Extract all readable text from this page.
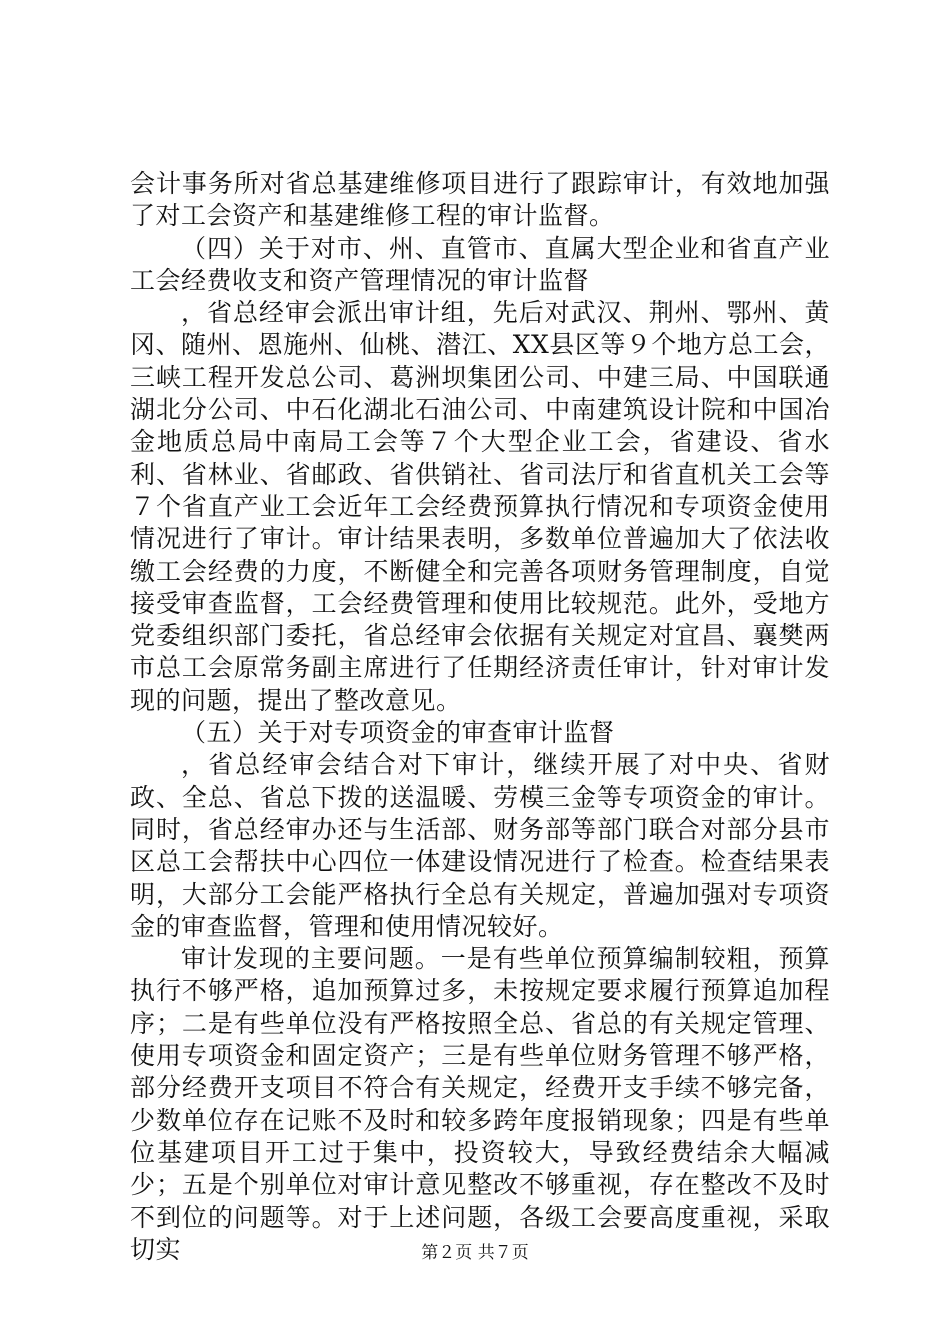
会计事务所对省总基建维修项目进行了跟踪审计，有效地加强了对工会资产和基建维修工程的审计监督。

（四）关于对市、州、直管市、直属大型企业和省直产业工会经费收支和资产管理情况的审计监督

，省总经审会派出审计组，先后对武汉、荆州、鄂州、黄冈、随州、恩施州、仙桃、潜江、XX县区等９个地方总工会，三峡工程开发总公司、葛洲坝集团公司、中建三局、中国联通湖北分公司、中石化湖北石油公司、中南建筑设计院和中国冶金地质总局中南局工会等７个大型企业工会，省建设、省水利、省林业、省邮政、省供销社、省司法厅和省直机关工会等７个省直产业工会近年工会经费预算执行情况和专项资金使用情况进行了审计。审计结果表明，多数单位普遍加大了依法收缴工会经费的力度，不断健全和完善各项财务管理制度，自觉接受审查监督，工会经费管理和使用比较规范。此外，受地方党委组织部门委托，省总经审会依据有关规定对宜昌、襄樊两市总工会原常务副主席进行了任期经济责任审计，针对审计发现的问题，提出了整改意见。

（五）关于对专项资金的审查审计监督

，省总经审会结合对下审计，继续开展了对中央、省财政、全总、省总下拨的送温暖、劳模三金等专项资金的审计。同时，省总经审办还与生活部、财务部等部门联合对部分县市区总工会帮扶中心四位一体建设情况进行了检查。检查结果表明，大部分工会能严格执行全总有关规定，普遍加强对专项资金的审查监督，管理和使用情况较好。

审计发现的主要问题。一是有些单位预算编制较粗，预算执行不够严格，追加预算过多，未按规定要求履行预算追加程序；二是有些单位没有严格按照全总、省总的有关规定管理、使用专项资金和固定资产；三是有些单位财务管理不够严格，部分经费开支项目不符合有关规定，经费开支手续不够完备，少数单位存在记账不及时和较多跨年度报销现象；四是有些单位基建项目开工过于集中，投资较大，导致经费结余大幅减少；五是个别单位对审计意见整改不够重视，存在整改不及时不到位的问题等。对于上述问题，各级工会要高度重视，采取切实	第２页 共７页
